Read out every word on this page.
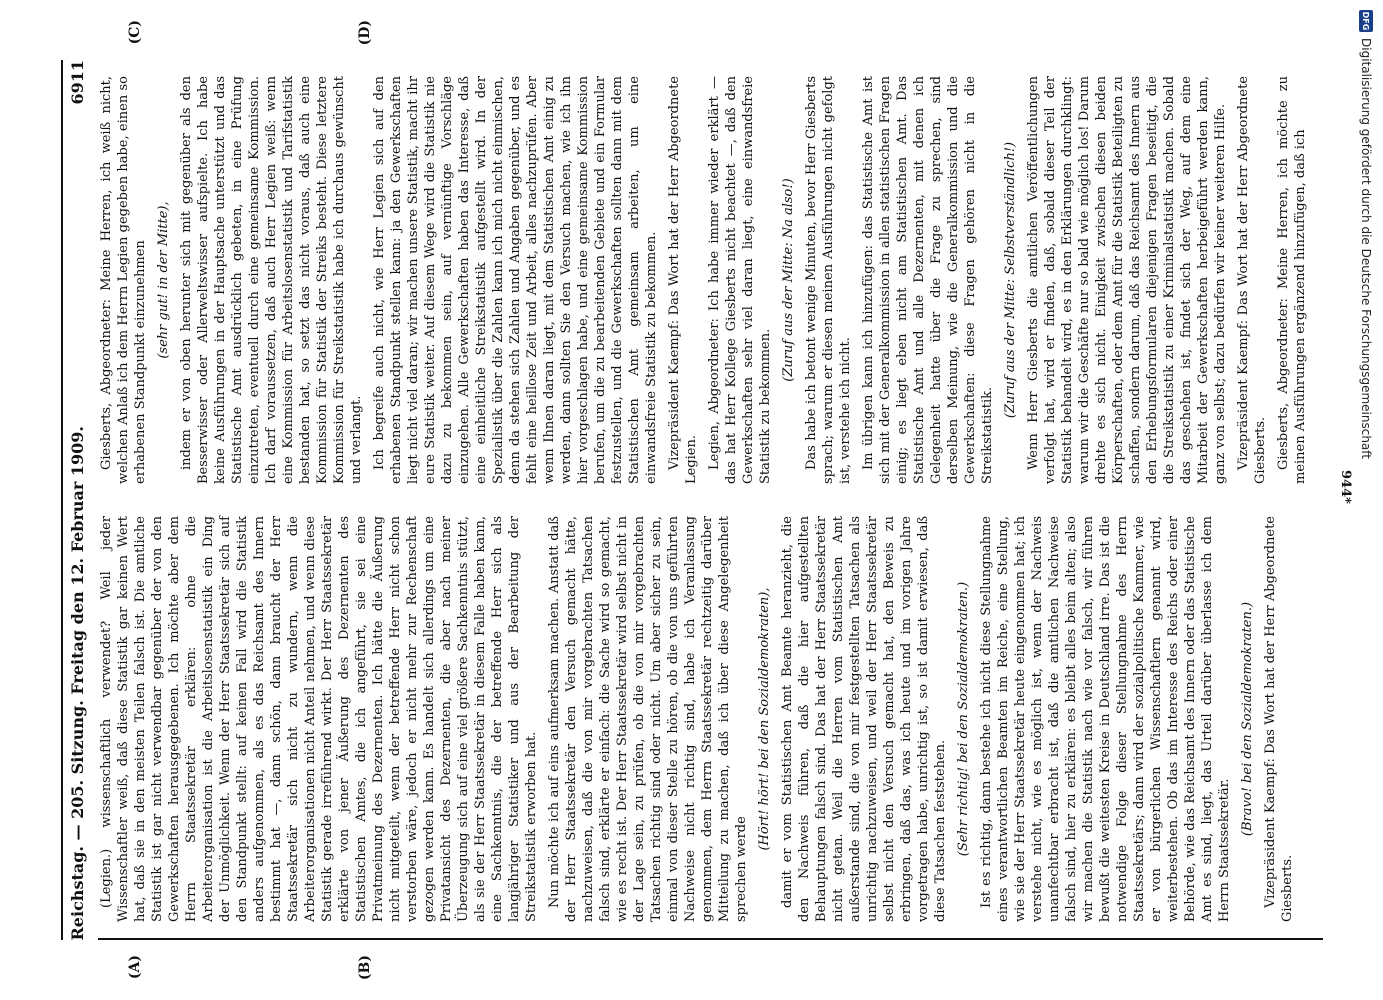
DFG
Digitalisierung gefördert durch die Deutsche Forschungsgemeinschaft
944*

Giesberts, Abgeordneter: Meine Herren, ich weiß nicht, welchen Anlaß ich dem Herrn Legien gegeben habe, einen so erhabenen Standpunkt einzunehmen (sehr gut! in der Mitte), indem er von oben herunter sich mit gegenüber als den Besserwisser oder Allerweltswisser aufspielte. Ich habe keine Ausführungen in der Hauptsache unterstützt und das Statistische Amt ausdrücklich gebeten, in eine Prüfung einzutreten, eventuell durch eine gemeinsame Kommission. Ich darf voraussetzen, daß auch Herr Legien weiß: wenn eine Kommission für Arbeitslosenstatistik und Tarifstatistik bestanden hat, so setzt das nicht voraus, daß auch eine Kommission für Statistik der Streiks besteht. Diese letztere Kommission für Streikstatistik habe ich durchaus gewünscht und verlangt. Ich begreife auch nicht, wie Herr Legien sich auf den erhabenen Standpunkt stellen kann: ja den Gewerkschaften liegt nicht viel daran; wir machen unsere Statistik, macht ihr eure Statistik weiter. Auf diesem Wege wird die Statistik nie dazu zu bekommen sein, auf vernünftige Vorschläge einzugehen. Alle Gewerkschaften haben das Interesse, daß eine einheitliche Streikstatistik aufgestellt wird. In der Spezialistik über die Zahlen kann ich mich nicht einmischen, denn da stehen sich Zahlen und Angaben gegenüber, und es fehlt eine heillose Zeit und Arbeit, alles nachzuprüfen. Aber wenn Ihnen daran liegt, mit dem Statistischen Amt einig zu werden, dann sollten Sie den Versuch machen, wie ich ihn hier vorgeschlagen habe, und eine gemeinsame Kommission berufen, um die zu bearbeitenden Gebiete und ein Formular festzustellen, und die Gewerkschaften sollten dann mit dem Statistischen Amt gemeinsam arbeiten, um eine einwandsfreie Statistik zu bekommen. Vizepräsident Kaempf: Das Wort hat der Herr Abgeordnete Legien. Legien, Abgeordneter: Ich habe immer wieder erklärt — das hat Herr Kollege Giesberts nicht beachtet —, daß den Gewerkschaften sehr viel daran liegt, eine einwandsfreie Statistik zu bekommen.

(Zuruf aus der Mitte: Na also!) Das habe ich betont wenige Minuten, bevor Herr Giesberts sprach; warum er diesen meinen Ausführungen nicht gefolgt ist, verstehe ich nicht. Im übrigen kann ich hinzufügen: das Statistische Amt ist sich mit der Generalkommission in allen statistischen Fragen einig; es liegt eben nicht am Statistischen Amt. Das Statistische Amt und alle Dezernenten, mit denen ich Gelegenheit hatte über die Frage zu sprechen, sind derselben Meinung, wie die Generalkommission und die Gewerkschaften: diese Fragen gehören nicht in die Streikstatistik.

(Zuruf aus der Mitte: Selbstverständlich!) Wenn Herr Giesberts die amtlichen Veröffentlichungen verfolgt hat, wird er finden, daß, sobald dieser Teil der Statistik behandelt wird, es in den Erklärungen durchklingt: warum wir die Geschäfte nur so bald wie möglich los! Darum drehte es sich nicht. Einigkeit zwischen diesen beiden Körperschaften, oder dem Amt für die Statistik Beteiligten zu schaffen, sondern darum, daß das Reichsamt des Innern aus den Erhebungsformularen diejenigen Fragen beseitigt, die die Streikstatistik zu einer Kriminalstatistik machen. Sobald das geschehen ist, findet sich der Weg, auf dem eine Mitarbeit der Gewerkschaften herbeigeführt werden kann, ganz von selbst; dazu bedürfen wir keiner weiteren Hilfe. Vizepräsident Kaempf: Das Wort hat der Herr Abgeordnete Giesberts. Giesberts, Abgeordneter: Meine Herren, ich möchte zu meinen Ausführungen ergänzend hinzufügen, daß ich

(Legien.) wissenschaftlich verwendet? Weil jeder Wissenschaftler weiß, daß diese Statistik gar keinen Wert hat, daß sie in den meisten Teilen falsch ist. Die amtliche Statistik ist gar nicht verwendbar gegenüber der von den Gewerkschaften herausgegebenen. Ich möchte aber dem Herrn Staatssekretär erklären: ohne die Arbeiterorganisation ist die Arbeitslosenstatistik ein Ding der Unmöglichkeit. Wenn der Herr Staatssekretär sich auf den Standpunkt stellt: auf keinen Fall wird die Statistik anders aufgenommen, als es das Reichsamt des Innern bestimmt hat —, dann schön, dann braucht der Herr Staatssekretär sich nicht zu wundern, wenn die Arbeiterorganisationen nicht Anteil nehmen, und wenn diese Statistik gerade irreführend wirkt. Der Herr Staatssekretär erklärte von jener Äußerung des Dezernenten des Statistischen Amtes, die ich angeführt, sie sei eine Privatmeinung des Dezernenten. Ich hätte die Äußerung nicht mitgeteilt, wenn der betreffende Herr nicht schon verstorben wäre, jedoch er nicht mehr zur Rechenschaft gezogen werden kann. Es handelt sich allerdings um eine Privatansicht des Dezernenten, die aber nach meiner Überzeugung sich auf eine viel größere Sachkenntnis stützt, als sie der Herr Staatssekretär in diesem Falle haben kann, eine Sachkenntnis, die der betreffende Herr sich als langjähriger Statistiker und aus der Bearbeitung der Streikstatistik erworben hat. Nun möchte ich auf eins aufmerksam machen. Anstatt daß der Herr Staatssekretär den Versuch gemacht hätte, nachzuweisen, daß die von mir vorgebrachten Tatsachen falsch sind, erklärte er einfach: die Sache wird so gemacht, wie es recht ist. Der Herr Staatssekretär wird selbst nicht in der Lage sein, zu prüfen, ob die von mir vorgebrachten Tatsachen richtig sind oder nicht. Um aber sicher zu sein, einmal von dieser Stelle zu hören, ob die von uns geführten Nachweise nicht richtig sind, habe ich Veranlassung genommen, dem Herrn Staatssekretär rechtzeitig darüber Mitteilung zu machen, daß ich über diese Angelegenheit sprechen werde

(Hört! hört! bei den Sozialdemokraten), damit er vom Statistischen Amt Beamte heranzieht, die den Nachweis führen, daß die hier aufgestellten Behauptungen falsch sind. Das hat der Herr Staatssekretär nicht getan. Weil die Herren vom Statistischen Amt außerstande sind, die von mir festgestellten Tatsachen als unrichtig nachzuweisen, und weil der Herr Staatssekretär selbst nicht den Versuch gemacht hat, den Beweis zu erbringen, daß das, was ich heute und im vorigen Jahre vorgetragen habe, unrichtig ist, so ist damit erwiesen, daß diese Tatsachen feststehen. (Sehr richtig! bei den Sozialdemokraten.) Ist es richtig, dann bestehe ich nicht diese Stellungnahme eines verantwortlichen Beamten im Reiche, eine Stellung, wie sie der Herr Staatssekretär heute eingenommen hat; ich verstehe nicht, wie es möglich ist, wenn der Nachweis unanfechtbar erbracht ist, daß die amtlichen Nachweise falsch sind, hier zu erklären: es bleibt alles beim alten; also wir machen die Statistik nach wie vor falsch, wir führen bewußt die weitesten Kreise in Deutschland irre. Das ist die notwendige Folge dieser Stellungnahme des Herrn Staatssekretärs; dann wird der sozialpolitische Kammer, wie er von bürgerlichen Wissenschaftlern genannt wird, weiterbestehen. Ob das im Interesse des Reichs oder einer Behörde, wie das Reichsamt des Innern oder das Statistische Amt es sind, liegt, das Urteil darüber überlasse ich dem Herrn Staatssekretär.

(Bravo! bei den Sozialdemokraten.) Vizepräsident Kaempf: Das Wort hat der Herr Abgeordnete Giesberts.

6911
Reichstag. — 205. Sitzung. Freitag den 12. Februar 1909.
(A)	(B)
(C)	(D)
